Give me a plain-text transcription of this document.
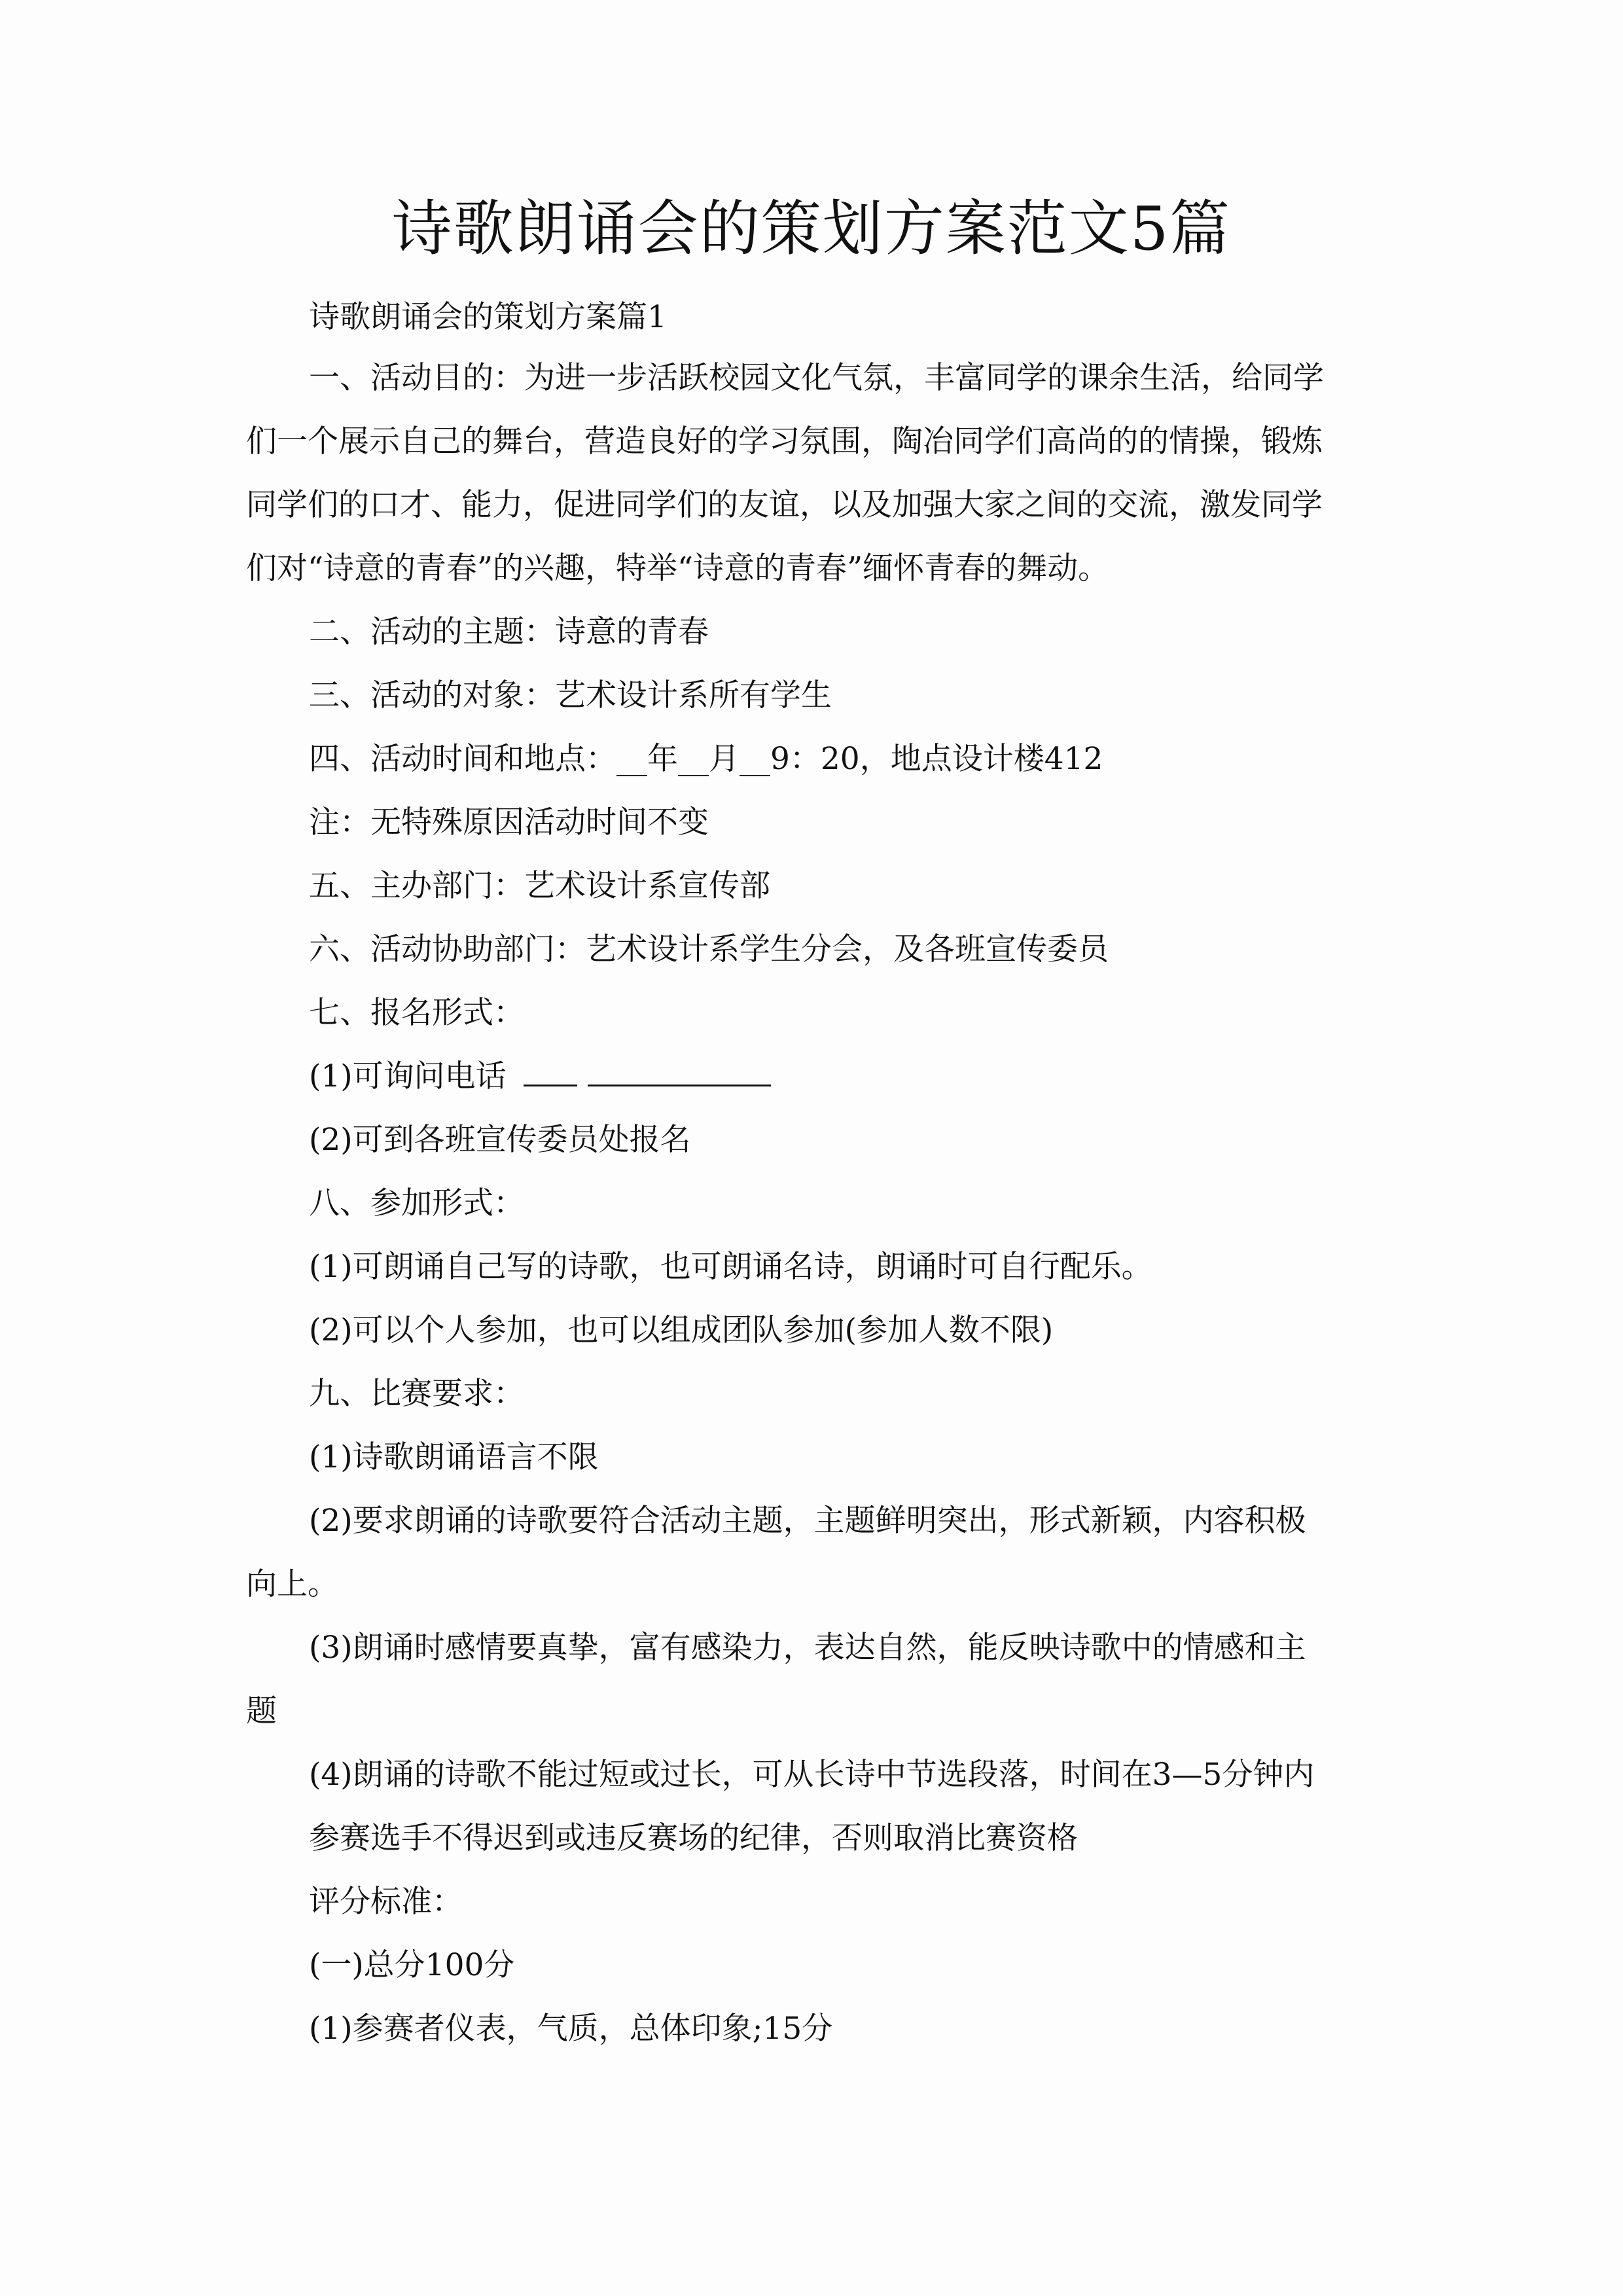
诗歌朗诵会的策划方案范文5篇
诗歌朗诵会的策划方案篇1
一、活动目的：为进一步活跃校园文化气氛，丰富同学的课余生活，给同学
们一个展示自己的舞台，营造良好的学习氛围，陶冶同学们高尚的的情操，锻炼
同学们的口才、能力，促进同学们的友谊，以及加强大家之间的交流，激发同学
们对“诗意的青春”的兴趣，特举“诗意的青春”缅怀青春的舞动。
二、活动的主题：诗意的青春
三、活动的对象：艺术设计系所有学生
四、活动时间和地点：__年__月__9：20，地点设计楼412
注：无特殊原因活动时间不变
五、主办部门：艺术设计系宣传部
六、活动协助部门：艺术设计系学生分会，及各班宣传委员
七、报名形式：
(1)可询问电话
(2)可到各班宣传委员处报名
八、参加形式：
(1)可朗诵自己写的诗歌，也可朗诵名诗，朗诵时可自行配乐。
(2)可以个人参加，也可以组成团队参加(参加人数不限)
九、比赛要求：
(1)诗歌朗诵语言不限
(2)要求朗诵的诗歌要符合活动主题，主题鲜明突出，形式新颖，内容积极
向上。
(3)朗诵时感情要真挚，富有感染力，表达自然，能反映诗歌中的情感和主
题
(4)朗诵的诗歌不能过短或过长，可从长诗中节选段落，时间在3—5分钟内
参赛选手不得迟到或违反赛场的纪律，否则取消比赛资格
评分标准：
(一)总分100分
(1)参赛者仪表，气质，总体印象;15分
